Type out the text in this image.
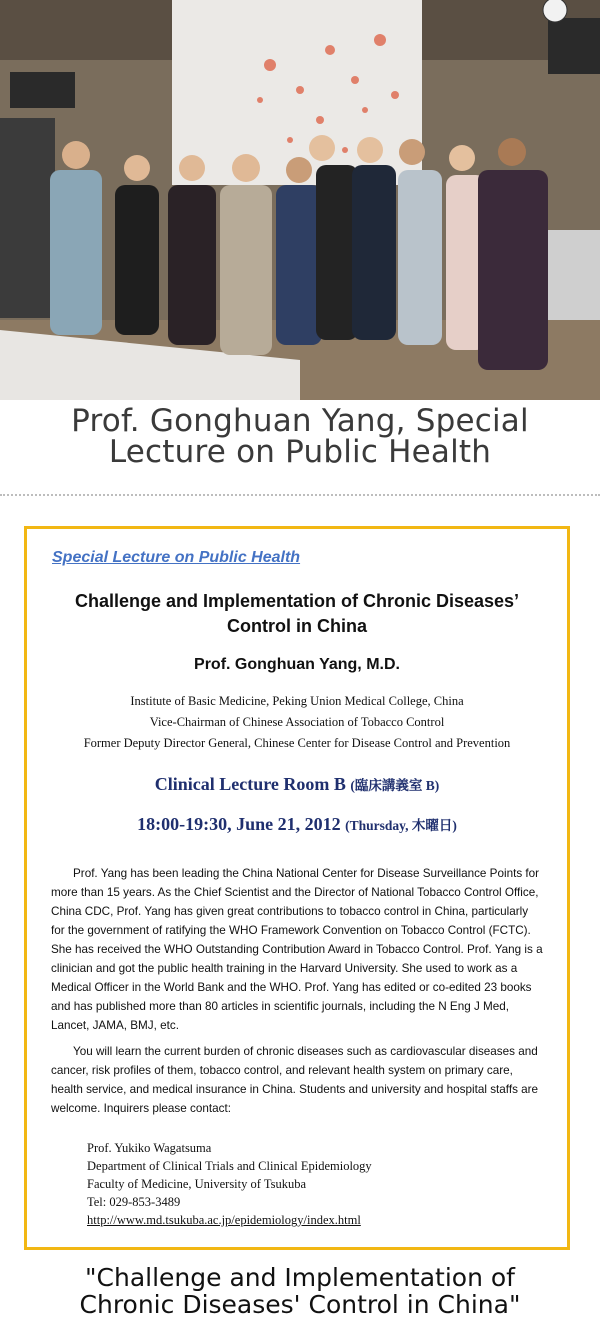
Prof. Gonghuan Yang, Special
Lecture on Public Health
Special Lecture on Public Health
Challenge and Implementation of Chronic Diseases’
Control in China
Prof. Gonghuan Yang, M.D.
Institute of Basic Medicine, Peking Union Medical College, China
Vice-Chairman of Chinese Association of Tobacco Control
Former Deputy Director General, Chinese Center for Disease Control and Prevention
Clinical Lecture Room B (臨床講義室 B)
18:00-19:30, June 21, 2012 (Thursday, 木曜日)

Prof. Yang has been leading the China National Center for Disease Surveillance Points for more than 15 years. As the Chief Scientist and the Director of National Tobacco Control Office, China CDC, Prof. Yang has given great contributions to tobacco control in China, particularly for the government of ratifying the WHO Framework Convention on Tobacco Control (FCTC). She has received the WHO Outstanding Contribution Award in Tobacco Control. Prof. Yang is a clinician and got the public health training in the Harvard University. She used to work as a Medical Officer in the World Bank and the WHO. Prof. Yang has edited or co-edited 23 books and has published more than 80 articles in scientific journals, including the N Eng J Med, Lancet, JAMA, BMJ, etc.

You will learn the current burden of chronic diseases such as cardiovascular diseases and cancer, risk profiles of them, tobacco control, and relevant health system on primary care, health service, and medical insurance in China. Students and university and hospital staffs are welcome. Inquirers please contact:

Prof. Yukiko Wagatsuma
Department of Clinical Trials and Clinical Epidemiology
Faculty of Medicine, University of Tsukuba
Tel: 029-853-3489
http://www.md.tsukuba.ac.jp/epidemiology/index.html
"Challenge and Implementation of
Chronic Diseases' Control in China"
